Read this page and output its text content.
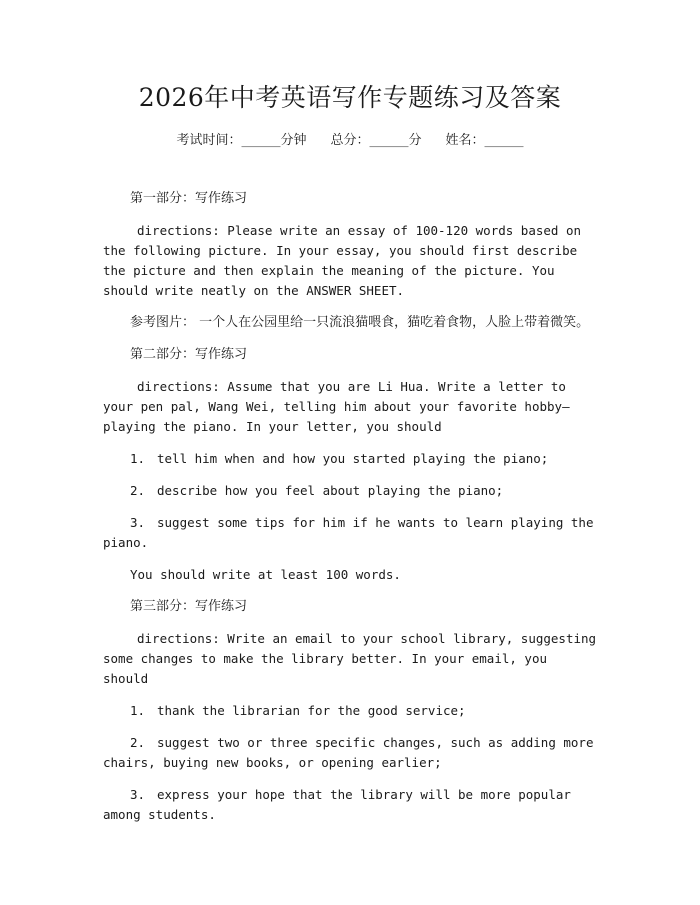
2026年中考英语写作专题练习及答案
考试时间：______分钟 总分：______分 姓名：______

第一部分：写作练习

directions: Please write an essay of 100-120 words based on the following picture. In your essay, you should first describe the picture and then explain the meaning of the picture. You should write neatly on the ANSWER SHEET.

参考图片： 一个人在公园里给一只流浪猫喂食，猫吃着食物，人脸上带着微笑。

第二部分：写作练习

directions: Assume that you are Li Hua. Write a letter to your pen pal, Wang Wei, telling him about your favorite hobby—playing the piano. In your letter, you should

1. tell him when and how you started playing the piano;

2. describe how you feel about playing the piano;

3. suggest some tips for him if he wants to learn playing the piano.

You should write at least 100 words.

第三部分：写作练习

directions: Write an email to your school library, suggesting some changes to make the library better. In your email, you should

1. thank the librarian for the good service;

2. suggest two or three specific changes, such as adding more chairs, buying new books, or opening earlier;

3. express your hope that the library will be more popular among students.
